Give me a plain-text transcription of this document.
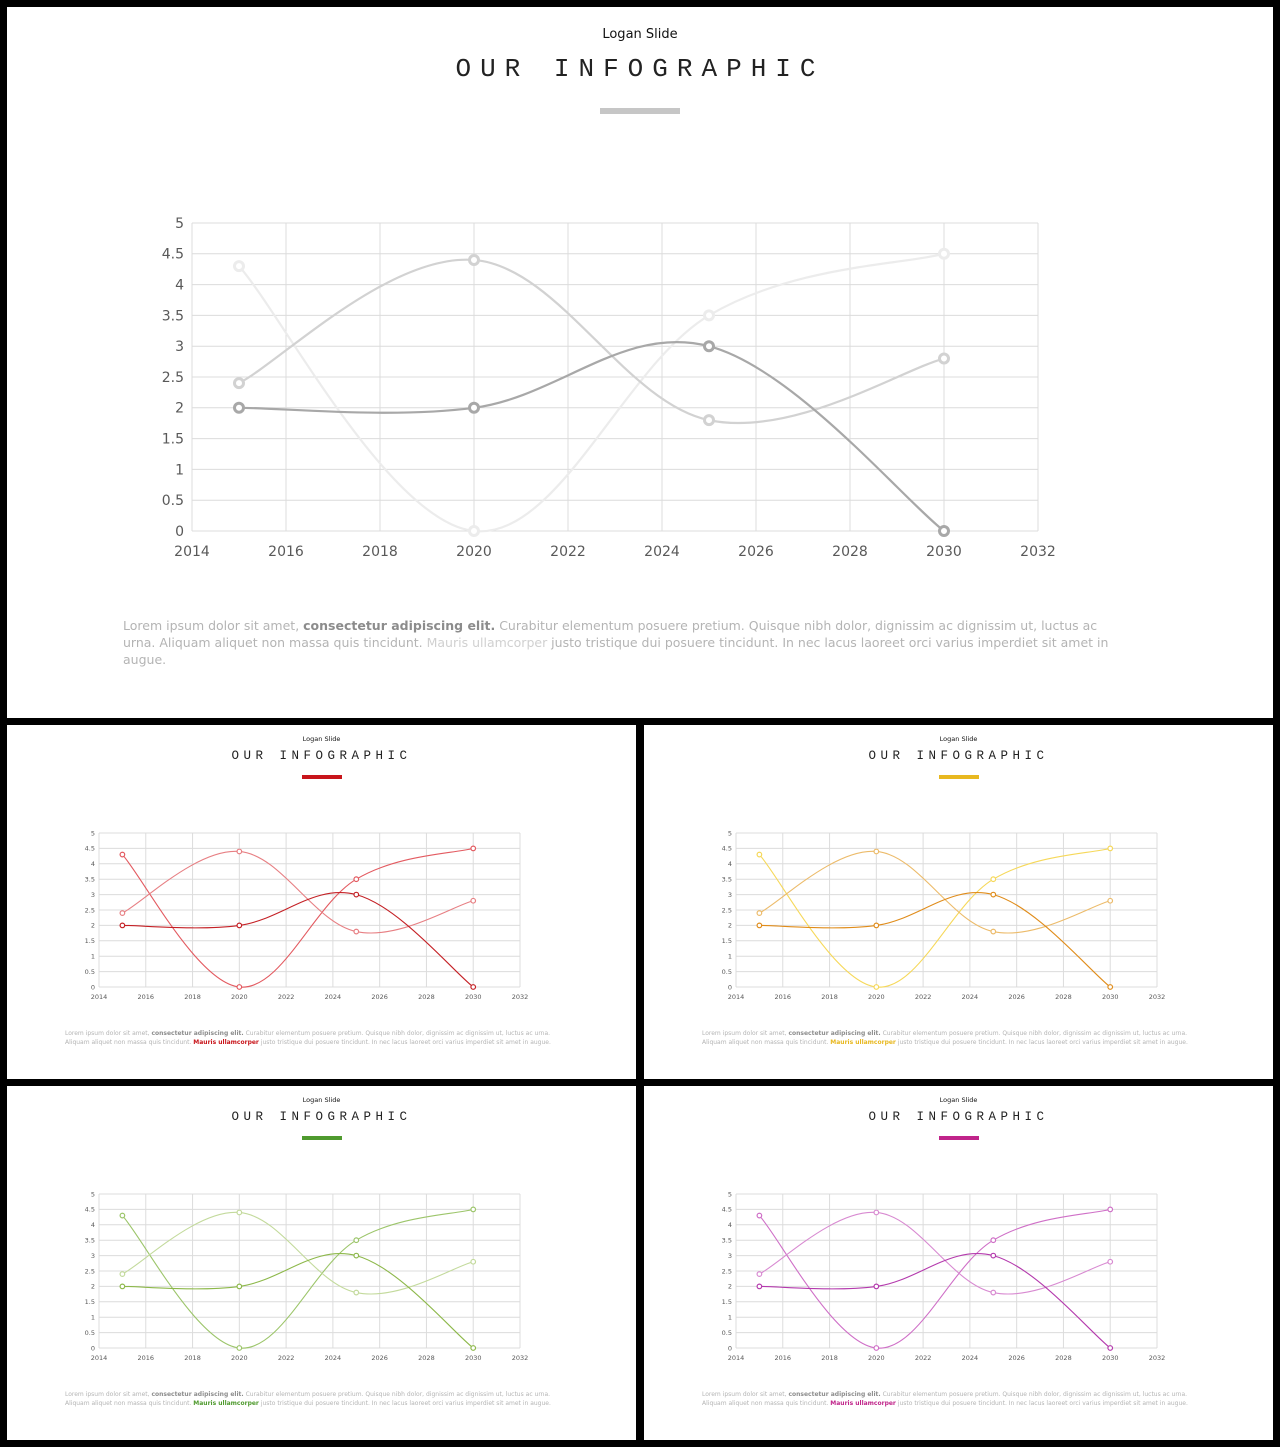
Logan Slide
OUR INFOGRAPHIC
0
0.5
1
1.5
2
2.5
3
3.5
4
4.5
5
2014	2016	2018	2020	2022	2024	2026	2028	2030	2032

Lorem ipsum dolor sit amet, consectetur adipiscing elit. Curabitur elementum posuere pretium. Quisque nibh dolor, dignissim ac dignissim ut, luctus ac urna. Aliquam aliquet non massa quis tincidunt. Mauris ullamcorper justo tristique dui posuere tincidunt. In nec lacus laoreet orci varius imperdiet sit amet in augue.

Logan Slide
OUR INFOGRAPHIC
0
0.5
1
1.5
2
2.5
3
3.5
4
4.5
5
2014	2016	2018	2020	2022	2024	2026	2028	2030	2032

Lorem ipsum dolor sit amet, consectetur adipiscing elit. Curabitur elementum posuere pretium. Quisque nibh dolor, dignissim ac dignissim ut, luctus ac urna. Aliquam aliquet non massa quis tincidunt. Mauris ullamcorper justo tristique dui posuere tincidunt. In nec lacus laoreet orci varius imperdiet sit amet in augue.

Logan Slide
OUR INFOGRAPHIC
0
0.5
1
1.5
2
2.5
3
3.5
4
4.5
5
2014	2016	2018	2020	2022	2024	2026	2028	2030	2032

Lorem ipsum dolor sit amet, consectetur adipiscing elit. Curabitur elementum posuere pretium. Quisque nibh dolor, dignissim ac dignissim ut, luctus ac urna. Aliquam aliquet non massa quis tincidunt. Mauris ullamcorper justo tristique dui posuere tincidunt. In nec lacus laoreet orci varius imperdiet sit amet in augue.

Logan Slide
OUR INFOGRAPHIC
0
0.5
1
1.5
2
2.5
3
3.5
4
4.5
5
2014	2016	2018	2020	2022	2024	2026	2028	2030	2032

Lorem ipsum dolor sit amet, consectetur adipiscing elit. Curabitur elementum posuere pretium. Quisque nibh dolor, dignissim ac dignissim ut, luctus ac urna. Aliquam aliquet non massa quis tincidunt. Mauris ullamcorper justo tristique dui posuere tincidunt. In nec lacus laoreet orci varius imperdiet sit amet in augue.

Logan Slide
OUR INFOGRAPHIC
0
0.5
1
1.5
2
2.5
3
3.5
4
4.5
5
2014	2016	2018	2020	2022	2024	2026	2028	2030	2032

Lorem ipsum dolor sit amet, consectetur adipiscing elit. Curabitur elementum posuere pretium. Quisque nibh dolor, dignissim ac dignissim ut, luctus ac urna. Aliquam aliquet non massa quis tincidunt. Mauris ullamcorper justo tristique dui posuere tincidunt. In nec lacus laoreet orci varius imperdiet sit amet in augue.
